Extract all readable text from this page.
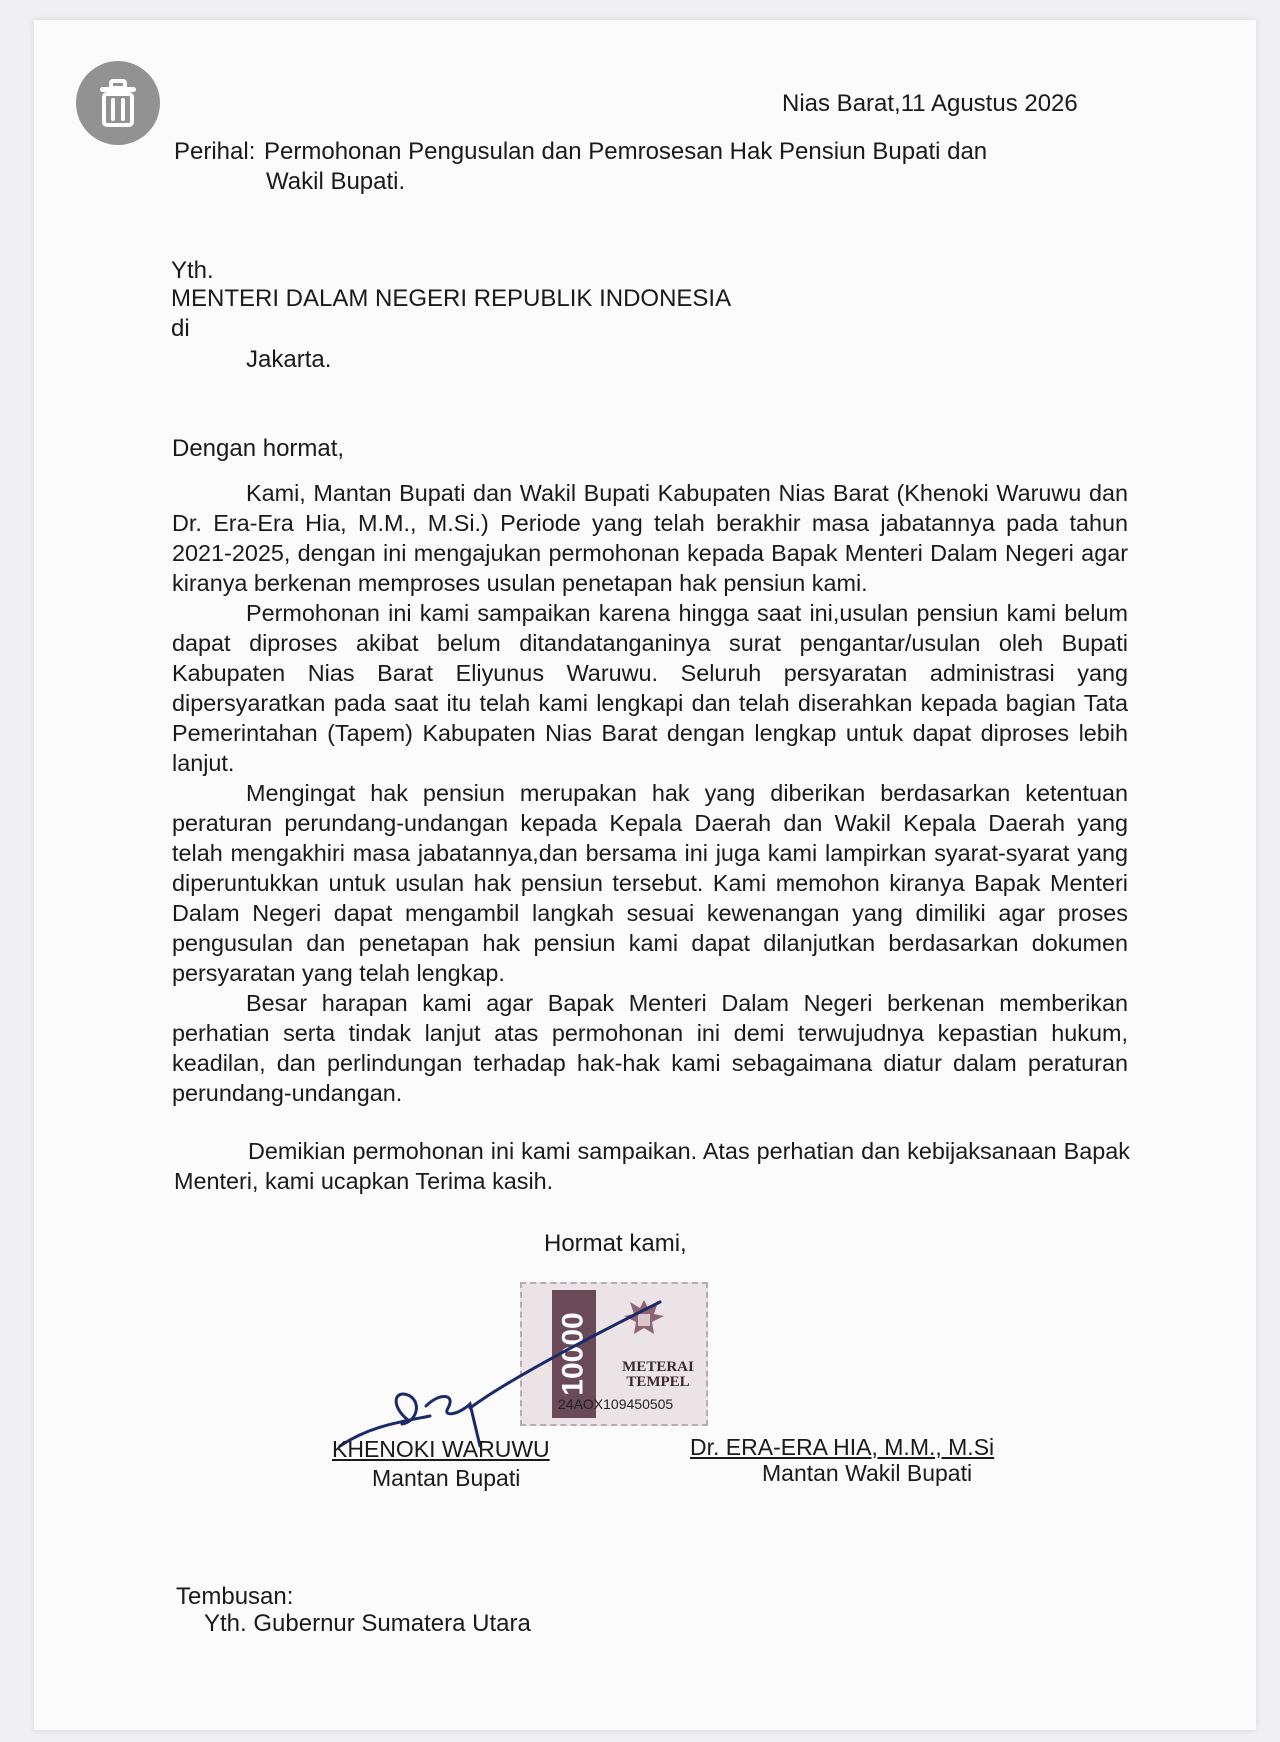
Nias Barat,11 Agustus 2026
Perihal: Permohonan Pengusulan dan Pemrosesan Hak Pensiun Bupati dan
Wakil Bupati.
Yth.
MENTERI DALAM NEGERI REPUBLIK INDONESIA
di
Jakarta.
Dengan hormat,

Kami, Mantan Bupati dan Wakil Bupati Kabupaten Nias Barat (Khenoki Waruwu dan Dr. Era-Era Hia, M.M., M.Si.) Periode yang telah berakhir masa jabatannya pada tahun 2021-2025, dengan ini mengajukan permohonan kepada Bapak Menteri Dalam Negeri agar kiranya berkenan memproses usulan penetapan hak pensiun kami.

Permohonan ini kami sampaikan karena hingga saat ini,usulan pensiun kami belum dapat diproses akibat belum ditandatanganinya surat pengantar/usulan oleh Bupati Kabupaten Nias Barat Eliyunus Waruwu. Seluruh persyaratan administrasi yang dipersyaratkan pada saat itu telah kami lengkapi dan telah diserahkan kepada bagian Tata Pemerintahan (Tapem) Kabupaten Nias Barat dengan lengkap untuk dapat diproses lebih lanjut.

Mengingat hak pensiun merupakan hak yang diberikan berdasarkan ketentuan peraturan perundang-undangan kepada Kepala Daerah dan Wakil Kepala Daerah yang telah mengakhiri masa jabatannya,dan bersama ini juga kami lampirkan syarat-syarat yang diperuntukkan untuk usulan hak pensiun tersebut. Kami memohon kiranya Bapak Menteri Dalam Negeri dapat mengambil langkah sesuai kewenangan yang dimiliki agar proses pengusulan dan penetapan hak pensiun kami dapat dilanjutkan berdasarkan dokumen persyaratan yang telah lengkap.

Besar harapan kami agar Bapak Menteri Dalam Negeri berkenan memberikan perhatian serta tindak lanjut atas permohonan ini demi terwujudnya kepastian hukum, keadilan, dan perlindungan terhadap hak-hak kami sebagaimana diatur dalam peraturan perundang-undangan.

Demikian permohonan ini kami sampaikan. Atas perhatian dan kebijaksanaan Bapak Menteri, kami ucapkan Terima kasih.

Hormat kami,
10000	METERAI
TEMPEL
24AOX109450505
KHENOKI WARUWU
Mantan Bupati
Dr. ERA-ERA HIA, M.M., M.Si
Mantan Wakil Bupati
Tembusan:
Yth. Gubernur Sumatera Utara
